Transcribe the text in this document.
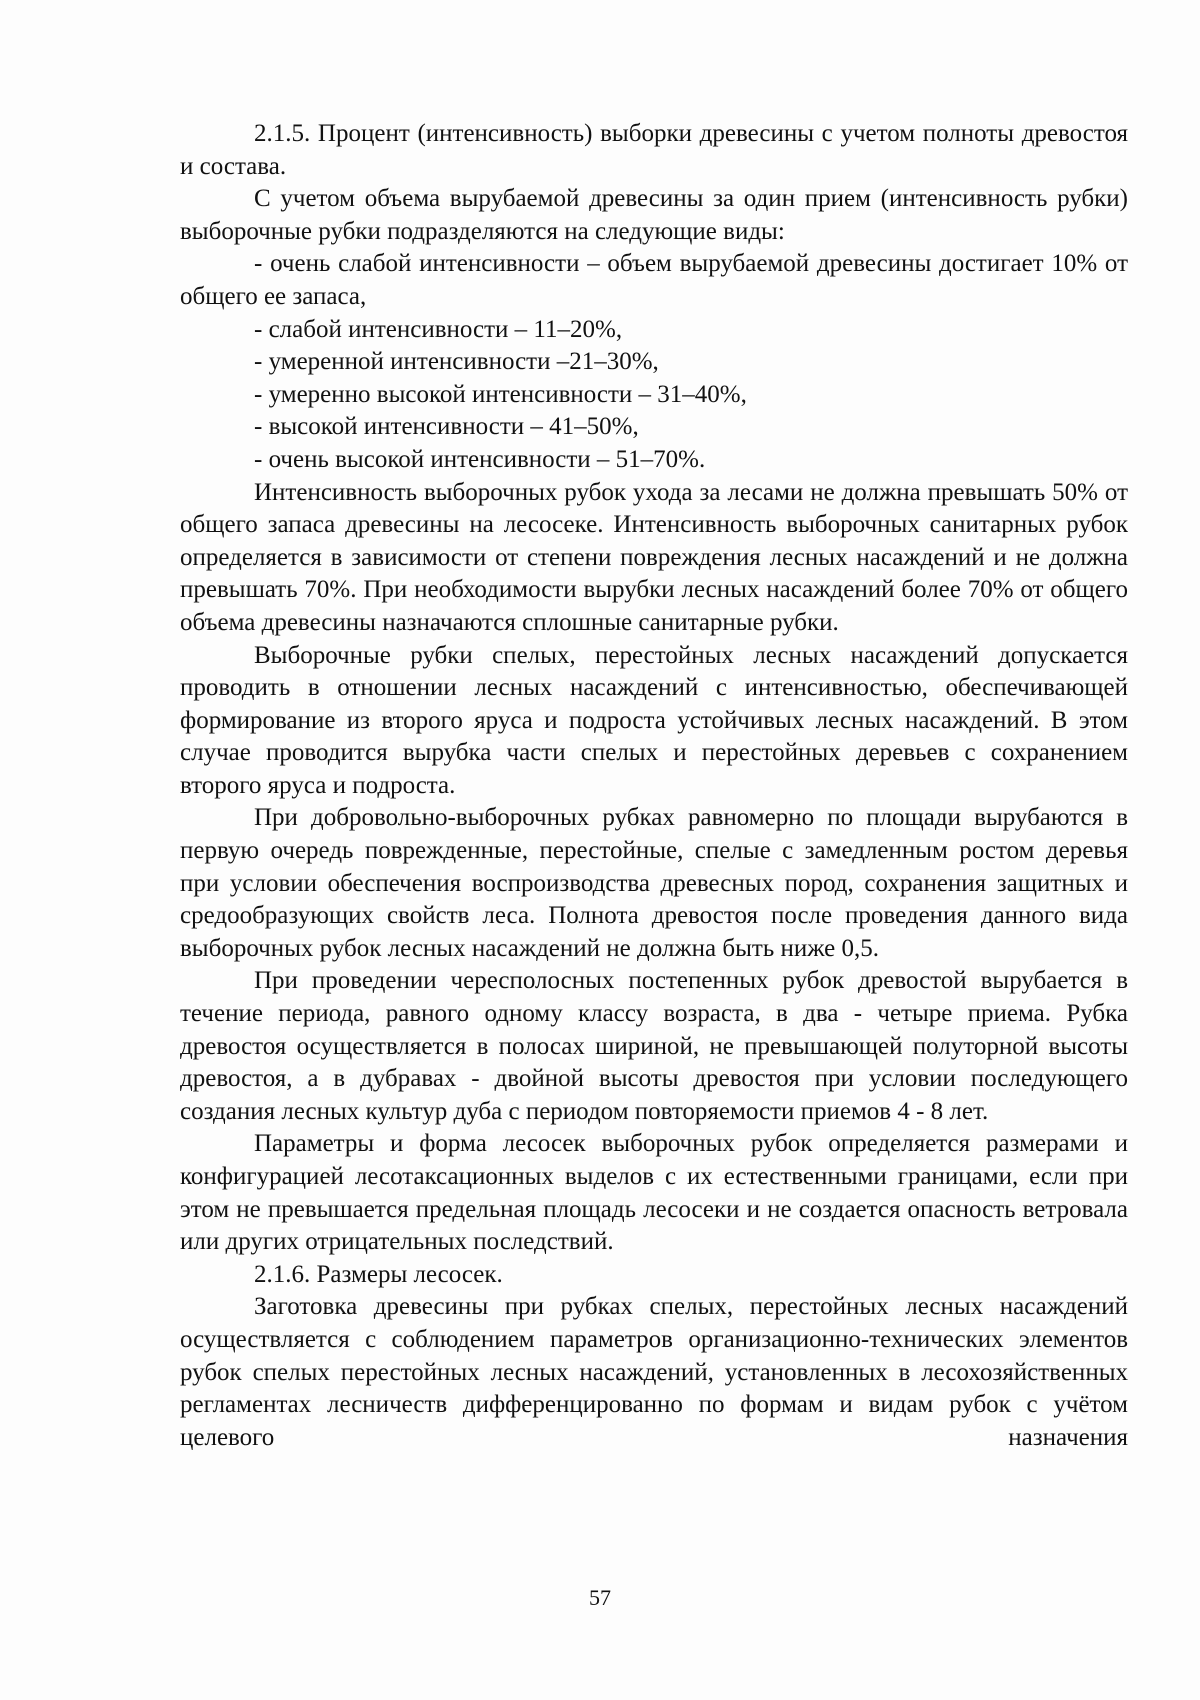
2.1.5. Процент (интенсивность) выборки древесины с учетом полноты древостоя и состава.

С учетом объема вырубаемой древесины за один прием (интенсивность рубки) выборочные рубки подразделяются на следующие виды:

- очень слабой интенсивности – объем вырубаемой древесины достигает 10% от общего ее запаса,

- слабой интенсивности – 11–20%,

- умеренной интенсивности –21–30%,

- умеренно высокой интенсивности – 31–40%,

- высокой интенсивности – 41–50%,

- очень высокой интенсивности – 51–70%.

Интенсивность выборочных рубок ухода за лесами не должна превышать 50% от общего запаса древесины на лесосеке. Интенсивность выборочных санитарных рубок определяется в зависимости от степени повреждения лесных насаждений и не должна превышать 70%. При необходимости вырубки лесных насаждений более 70% от общего объема древесины назначаются сплошные санитарные рубки.

Выборочные рубки спелых, перестойных лесных насаждений допускается проводить в отношении лесных насаждений с интенсивностью, обеспечивающей формирование из второго яруса и подроста устойчивых лесных насаждений. В этом случае проводится вырубка части спелых и перестойных деревьев с сохранением второго яруса и подроста.

При добровольно-выборочных рубках равномерно по площади вырубаются в первую очередь поврежденные, перестойные, спелые с замедленным ростом деревья при условии обеспечения воспроизводства древесных пород, сохранения защитных и средообразующих свойств леса. Полнота древостоя после проведения данного вида выборочных рубок лесных насаждений не должна быть ниже 0,5.

При проведении чересполосных постепенных рубок древостой вырубается в течение периода, равного одному классу возраста, в два - четыре приема. Рубка древостоя осуществляется в полосах шириной, не превышающей полуторной высоты древостоя, а в дубравах - двойной высоты древостоя при условии последующего создания лесных культур дуба с периодом повторяемости приемов 4 - 8 лет.

Параметры и форма лесосек выборочных рубок определяется размерами и конфигурацией лесотаксационных выделов с их естественными границами, если при этом не превышается предельная площадь лесосеки и не создается опасность ветровала или других отрицательных последствий.

2.1.6. Размеры лесосек.

Заготовка древесины при рубках спелых, перестойных лесных насаждений осуществляется с соблюдением параметров организационно-технических элементов рубок спелых перестойных лесных насаждений, установленных в лесохозяйственных регламентах лесничеств дифференцированно по формам и видам рубок с учётом целевого назначения

57
